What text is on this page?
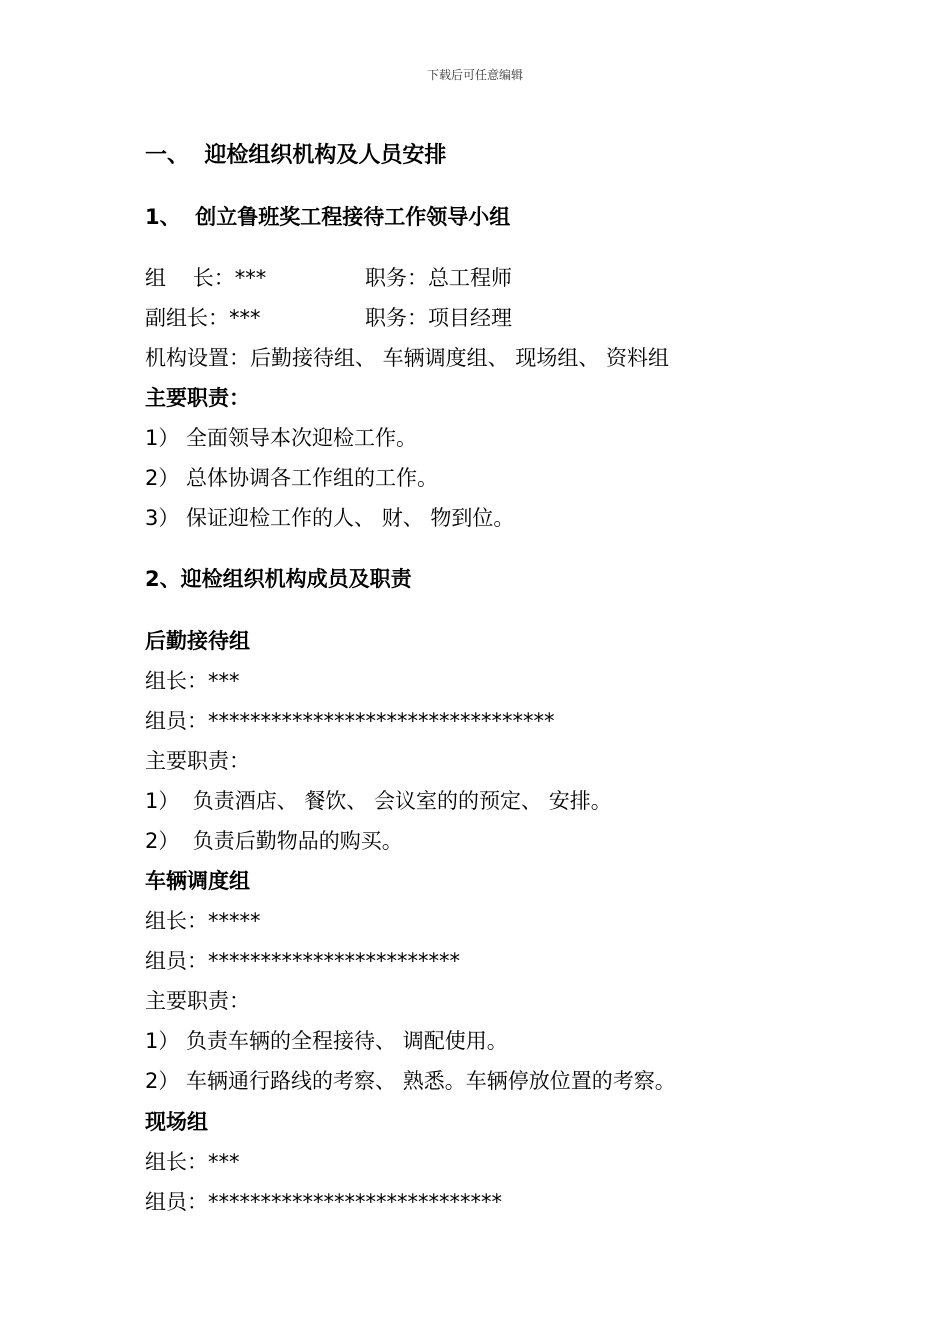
下载后可任意编辑
一、  迎检组织机构及人员安排
1、  创立鲁班奖工程接待工作领导小组
组    长：***	职务：总工程师
副组长：***	职务：项目经理
机构设置：后勤接待组、 车辆调度组、 现场组、 资料组
主要职责：
1） 全面领导本次迎检工作。
2） 总体协调各工作组的工作。
3） 保证迎检工作的人、 财、 物到位。
2、迎检组织机构成员及职责
后勤接待组
组长：***
组员：*********************************
主要职责：
1）  负责酒店、 餐饮、 会议室的的预定、 安排。
2）  负责后勤物品的购买。
车辆调度组
组长：*****
组员：************************
主要职责：
1） 负责车辆的全程接待、 调配使用。
2） 车辆通行路线的考察、 熟悉。车辆停放位置的考察。
现场组
组长：***
组员：****************************
